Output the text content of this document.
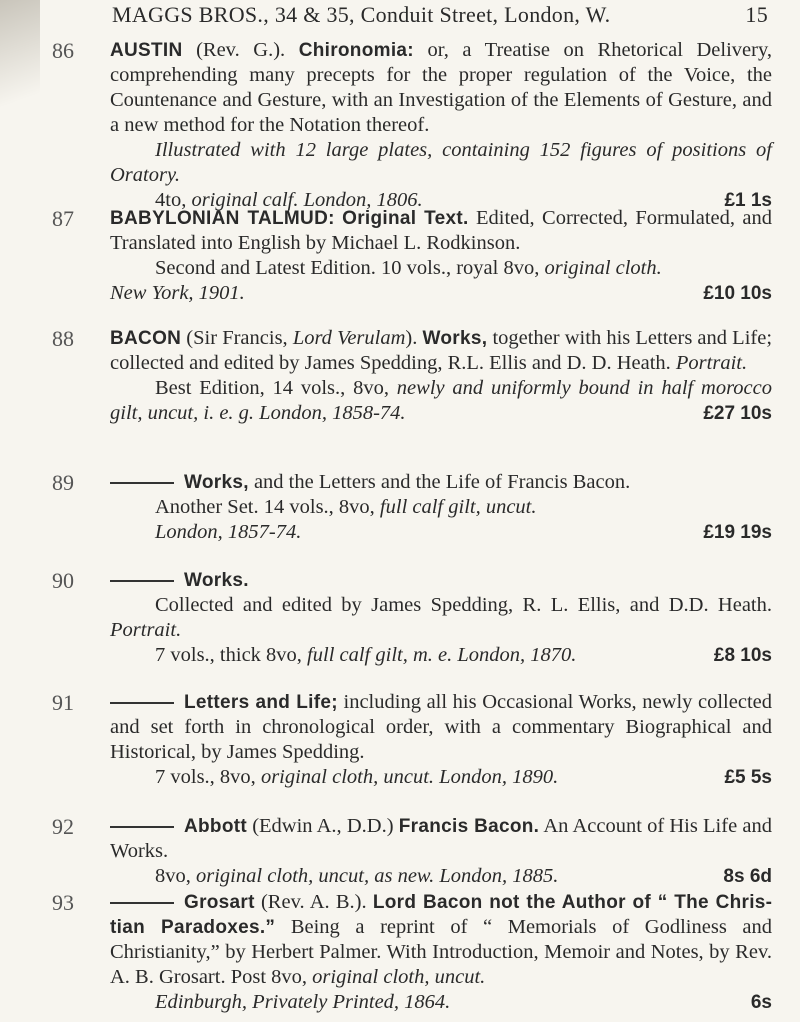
MAGGS BROS., 34 & 35, Conduit Street, London, W.	15
86 AUSTIN (Rev. G.). Chironomia: or, a Treatise on Rhetorical Delivery, comprehending many precepts for the proper regulation of the Voice, the Countenance and Gesture, with an Investigation of the Elements of Gesture, and a new method for the Notation thereof.

Illustrated with 12 large plates, containing 152 figures of positions of Oratory.

4to, original calf. London, 1806.	£1 1s

87 BABYLONIAN TALMUD: Original Text. Edited, Corrected, Formulated, and Translated into English by Michael L. Rodkinson.

Second and Latest Edition. 10 vols., royal 8vo, original cloth.

New York, 1901.	£10 10s

88 BACON (Sir Francis, Lord Verulam). Works, together with his Letters and Life; collected and edited by James Spedding, R.L. Ellis and D. D. Heath. Portrait.

Best Edition, 14 vols., 8vo, newly and uniformly bound in half morocco gilt, uncut, i. e. g. London, 1858-74.	£27 10s

89	Works, and the Letters and the Life of Francis Bacon.

Another Set. 14 vols., 8vo, full calf gilt, uncut.

London, 1857-74.	£19 19s

90	Works.

Collected and edited by James Spedding, R. L. Ellis, and D.D. Heath. Portrait.

7 vols., thick 8vo, full calf gilt, m. e. London, 1870.	£8 10s

91	Letters and Life; including all his Occasional Works, newly collected and set forth in chronological order, with a commentary Biographical and Historical, by James Spedding.

7 vols., 8vo, original cloth, uncut. London, 1890.	£5 5s

92	Abbott (Edwin A., D.D.) Francis Bacon. An Account of His Life and Works.

8vo, original cloth, uncut, as new. London, 1885.	8s 6d

93	Grosart (Rev. A. B.). Lord Bacon not the Author of “ The Christian Paradoxes.” Being a reprint of “ Memorials of Godliness and Christianity,” by Herbert Palmer. With Introduction, Memoir and Notes, by Rev. A. B. Grosart. Post 8vo, original cloth, uncut.

Edinburgh, Privately Printed, 1864.	6s
